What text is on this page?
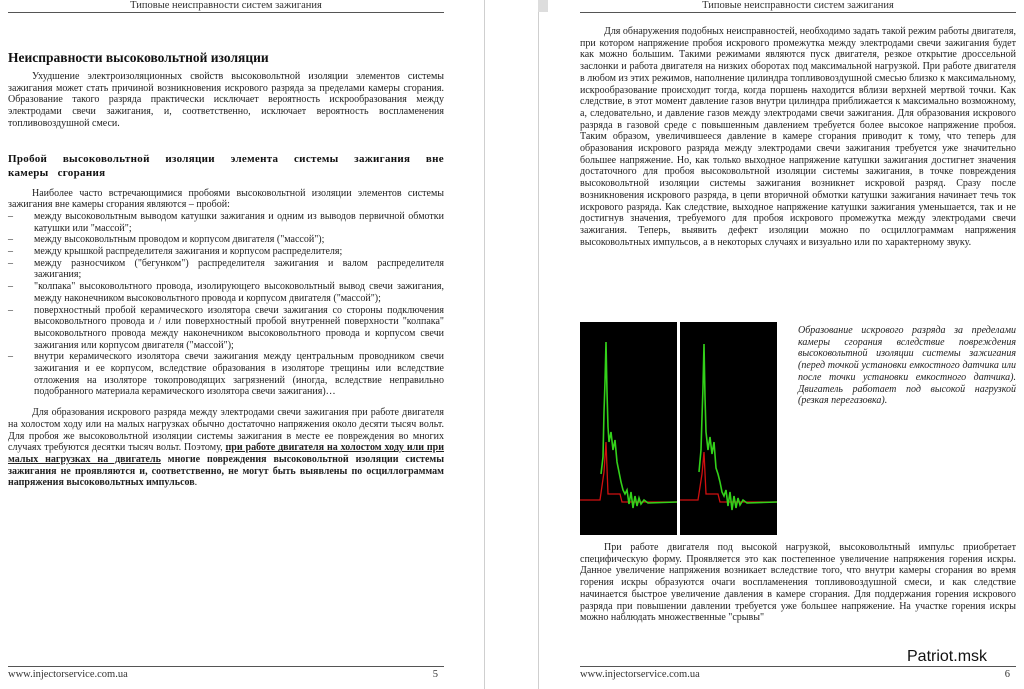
Типовые неисправности систем зажигания
Неисправности высоковольтной изоляции

Ухудшение электроизоляционных свойств высоковольтной изоляции элементов системы зажигания может стать причиной возникновения искрового разряда за пределами камеры сгорания. Образование такого разряда практически исключает вероятность искрообразования между электродами свечи зажигания, и, соответственно, исключает вероятность воспламенения топливовоздушной смеси.

Пробой высоковольтной изоляции элемента системы зажигания вне камеры сгорания

Наиболее часто встречающимися пробоями высоковольтной изоляции элементов системы зажигания вне камеры сгорания являются – пробой:

– между высоковольтным выводом катушки зажигания и одним из выводов первичной обмотки катушки или "массой";
– между высоковольтным проводом и корпусом двигателя ("массой");
– между крышкой распределителя зажигания и корпусом распределителя;
– между разносчиком ("бегунком") распределителя зажигания и валом распределителя зажигания;
– "колпака" высоковольтного провода, изолирующего высоковольтный вывод свечи зажигания, между наконечником высоковольтного провода и корпусом двигателя ("массой");
– поверхностный пробой керамического изолятора свечи зажигания со стороны подключения высоковольтного провода и / или поверхностный пробой внутренней поверхности "колпака" высоковольтного провода между наконечником высоковольтного провода и корпусом свечи зажигания или корпусом двигателя ("массой");
– внутри керамического изолятора свечи зажигания между центральным проводником свечи зажигания и ее корпусом, вследствие образования в изоляторе трещины или вследствие отложения на изоляторе токопроводящих загрязнений (иногда, вследствие неправильно подобранного материала керамического изолятора свечи зажигания)…

Для образования искрового разряда между электродами свечи зажигания при работе двигателя на холостом ходу или на малых нагрузках обычно достаточно напряжения около десяти тысяч вольт. Для пробоя же высоковольтной изоляции системы зажигания в месте ее повреждения во многих случаях требуются десятки тысяч вольт. Поэтому, при работе двигателя на холостом ходу или при малых нагрузках на двигатель многие повреждения высоковольтной изоляции системы зажигания не проявляются и, соответственно, не могут быть выявлены по осциллограммам напряжения высоковольтных импульсов.

www.injectorservice.com.ua	5
Типовые неисправности систем зажигания

Для обнаружения подобных неисправностей, необходимо задать такой режим работы двигателя, при котором напряжение пробоя искрового промежутка между электродами свечи зажигания будет как можно большим. Такими режимами являются пуск двигателя, резкое открытие дроссельной заслонки и работа двигателя на низких оборотах под максимальной нагрузкой. При работе двигателя в любом из этих режимов, наполнение цилиндра топливовоздушной смесью близко к максимальному, искрообразование происходит тогда, когда поршень находится вблизи верхней мертвой точки. Как следствие, в этот момент давление газов внутри цилиндра приближается к максимально возможному, а, следовательно, и давление газов между электродами свечи зажигания. Для образования искрового разряда в газовой среде с повышенным давлением требуется более высокое напряжение пробоя. Таким образом, увеличившееся давление в камере сгорания приводит к тому, что теперь для образования искрового разряда между электродами свечи зажигания требуется уже значительно большее напряжение. Но, как только выходное напряжение катушки зажигания достигнет значения достаточного для пробоя высоковольтной изоляции системы зажигания, в точке повреждения высоковольтной изоляции системы зажигания возникнет искровой разряд. Сразу после возникновения искрового разряда, в цепи вторичной обмотки катушки зажигания начинает течь ток искрового разряда. Как следствие, выходное напряжение катушки зажигания уменьшается, так и не достигнув значения, требуемого для пробоя искрового промежутка между электродами свечи зажигания. Теперь, выявить дефект изоляции можно по осциллограммам напряжения высоковольтных импульсов, а в некоторых случаях и визуально или по характерному звуку.

Образование искрового разряда за пределами камеры сгорания вследствие повреждения высоковольтной изоляции системы зажигания (перед точкой установки емкостного датчика или после точки установки емкостного датчика). Двигатель работает под высокой нагрузкой (резкая перегазовка).

При работе двигателя под высокой нагрузкой, высоковольтный импульс приобретает специфическую форму. Проявляется это как постепенное увеличение напряжения горения искры. Данное увеличение напряжения возникает вследствие того, что внутри камеры сгорания во время горения искры образуются очаги воспламенения топливовоздушной смеси, и как следствие начинается быстрое увеличение давления в камере сгорания. Для поддержания горения искрового разряда при повышении давлении требуется уже большее напряжение. На участке горения искры можно наблюдать множественные "срывы"

www.injectorservice.com.ua	6
Patriot.msk
